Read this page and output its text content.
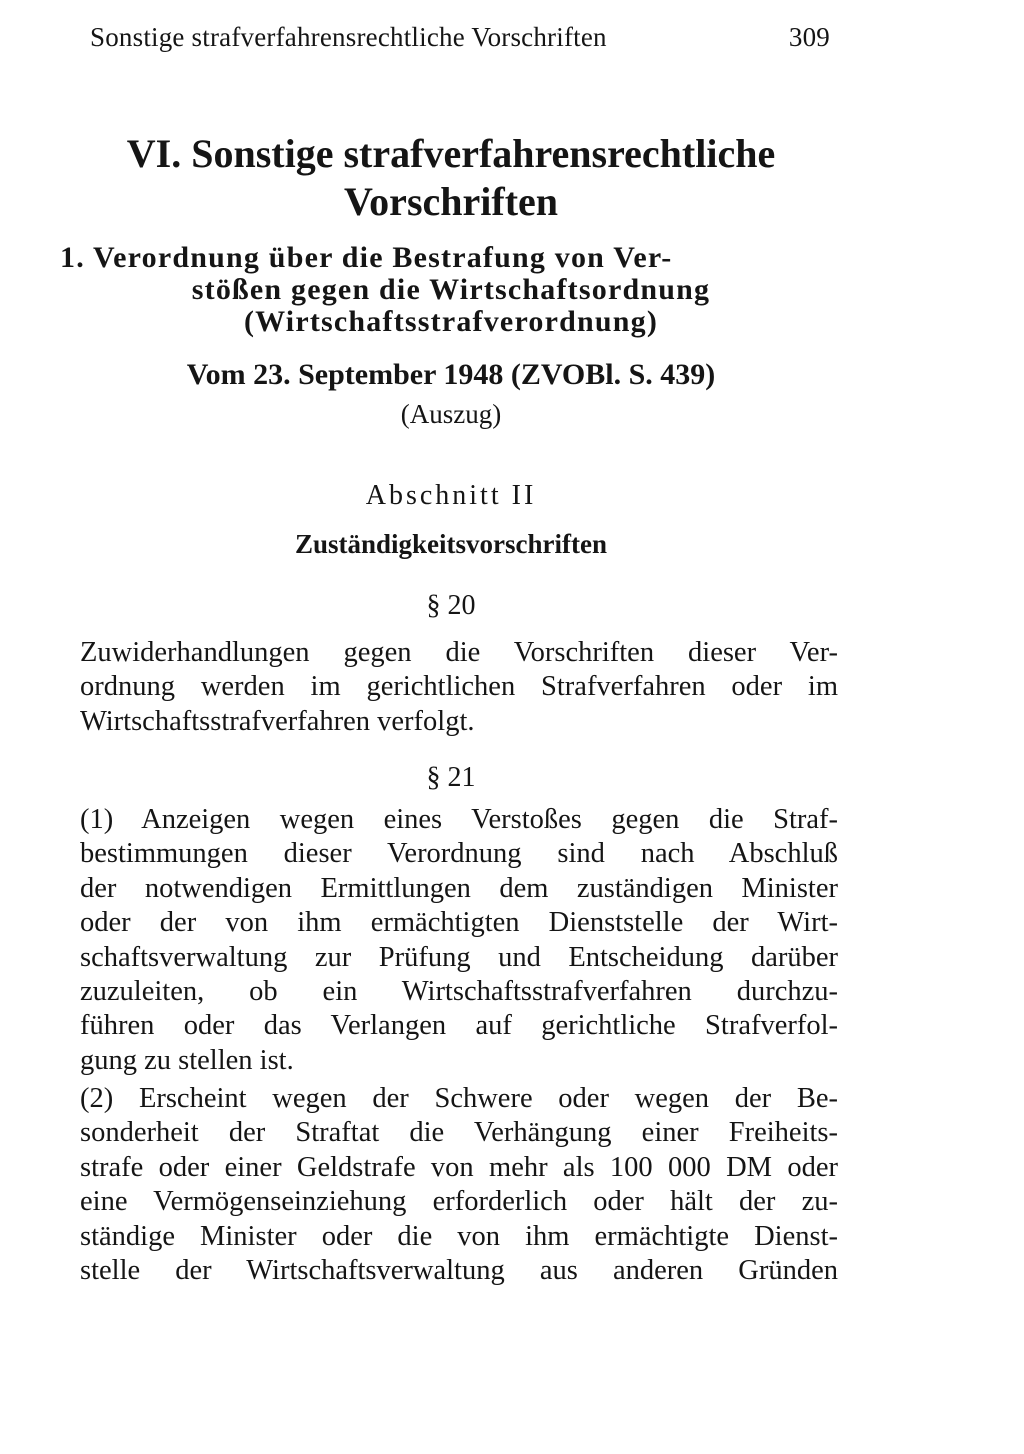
Sonstige strafverfahrensrechtliche Vorschriften	309
VI. Sonstige strafverfahrensrechtliche
Vorschriften
1. Verordnung über die Bestrafung von Ver-
stößen gegen die Wirtschaftsordnung
(Wirtschaftsstrafverordnung)
Vom 23. September 1948 (ZVOBl. S. 439)
(Auszug)
Abschnitt II
Zuständigkeitsvorschriften
§ 20
Zuwiderhandlungen gegen die Vorschriften dieser Ver-
ordnung werden im gerichtlichen Strafverfahren oder im
Wirtschaftsstrafverfahren verfolgt.
§ 21
(1) Anzeigen wegen eines Verstoßes gegen die Straf-
bestimmungen dieser Verordnung sind nach Abschluß
der notwendigen Ermittlungen dem zuständigen Minister
oder der von ihm ermächtigten Dienststelle der Wirt-
schaftsverwaltung zur Prüfung und Entscheidung darüber
zuzuleiten, ob ein Wirtschaftsstrafverfahren durchzu-
führen oder das Verlangen auf gerichtliche Strafverfol-
gung zu stellen ist.
(2) Erscheint wegen der Schwere oder wegen der Be-
sonderheit der Straftat die Verhängung einer Freiheits-
strafe oder einer Geldstrafe von mehr als 100 000 DM oder
eine Vermögenseinziehung erforderlich oder hält der zu-
ständige Minister oder die von ihm ermächtigte Dienst-
stelle der Wirtschaftsverwaltung aus anderen Gründen
